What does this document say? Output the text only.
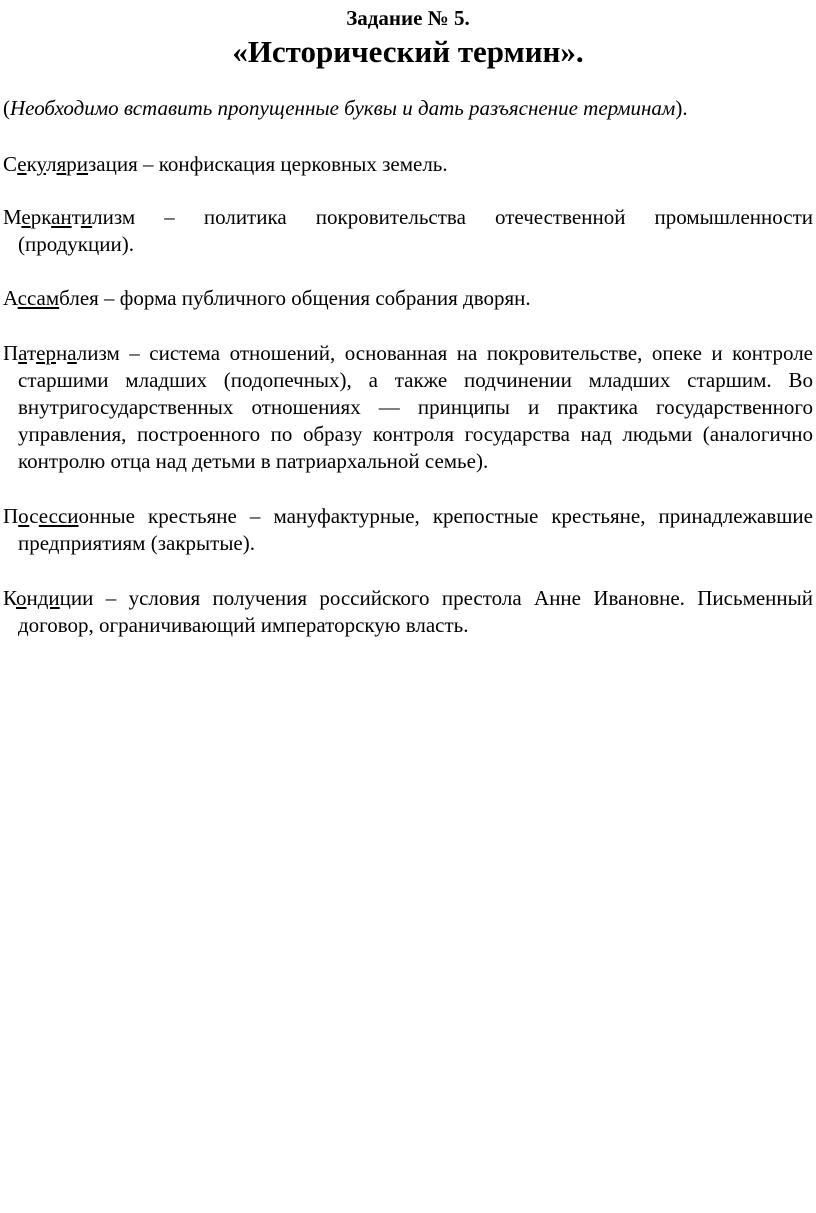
Задание № 5.
«Исторический термин».
(Необходимо вставить пропущенные буквы и дать разъяснение терминам).
Секуляризация – конфискация церковных земель.
Меркантилизм – политика покровительства отечественной промышленности (продукции).
Ассамблея – форма публичного общения собрания дворян.
Патернализм – система отношений, основанная на покровительстве, опеке и контроле старшими младших (подопечных), а также подчинении младших старшим. Во внутригосударственных отношениях — принципы и практика государственного управления, построенного по образу контроля государства над людьми (аналогично контролю отца над детьми в патриархальной семье).
Посессионные крестьяне – мануфактурные, крепостные крестьяне, принадлежавшие предприятиям (закрытые).
Кондиции – условия получения российского престола Анне Ивановне. Письменный договор, ограничивающий императорскую власть.
